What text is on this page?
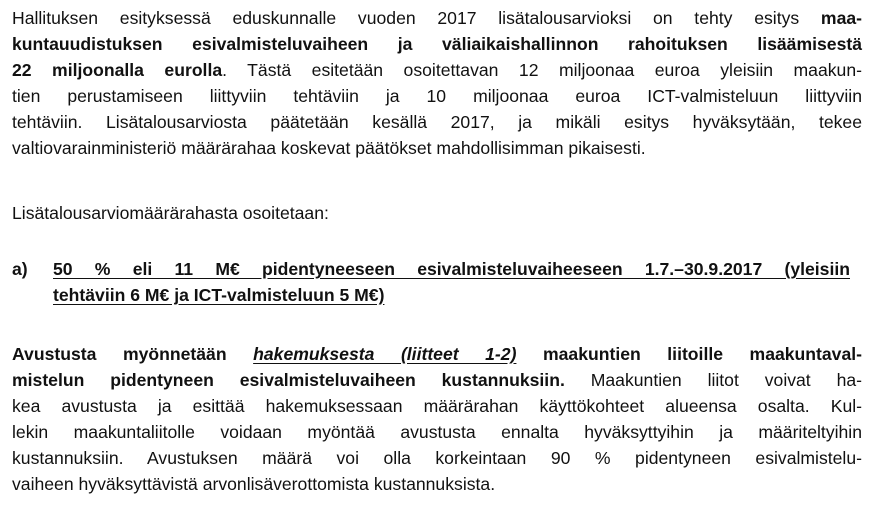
Hallituksen esityksessä eduskunnalle vuoden 2017 lisätalousarvioksi on tehty esitys maa-
kuntauudistuksen esivalmisteluvaiheen ja väliaikaishallinnon rahoituksen lisäämisestä
22 miljoonalla eurolla. Tästä esitetään osoitettavan 12 miljoonaa euroa yleisiin maakun-
tien perustamiseen liittyviin tehtäviin ja 10 miljoonaa euroa ICT-valmisteluun liittyviin
tehtäviin. Lisätalousarviosta päätetään kesällä 2017, ja mikäli esitys hyväksytään, tekee
valtiovarainministeriö määrärahaa koskevat päätökset mahdollisimman pikaisesti.
Lisätalousarviomäärärahasta osoitetaan:
a) 50 % eli 11 M€ pidentyneeseen esivalmisteluvaiheeseen 1.7.–30.9.2017 (yleisiin
tehtäviin 6 M€ ja ICT-valmisteluun 5 M€)
Avustusta myönnetään hakemuksesta (liitteet 1-2) maakuntien liitoille maakuntaval-
mistelun pidentyneen esivalmisteluvaiheen kustannuksiin. Maakuntien liitot voivat ha-
kea avustusta ja esittää hakemuksessaan määrärahan käyttökohteet alueensa osalta. Kul-
lekin maakuntaliitolle voidaan myöntää avustusta ennalta hyväksyttyihin ja määriteltyihin
kustannuksiin. Avustuksen määrä voi olla korkeintaan 90 % pidentyneen esivalmistelu-
vaiheen hyväksyttävistä arvonlisäverottomista kustannuksista.
